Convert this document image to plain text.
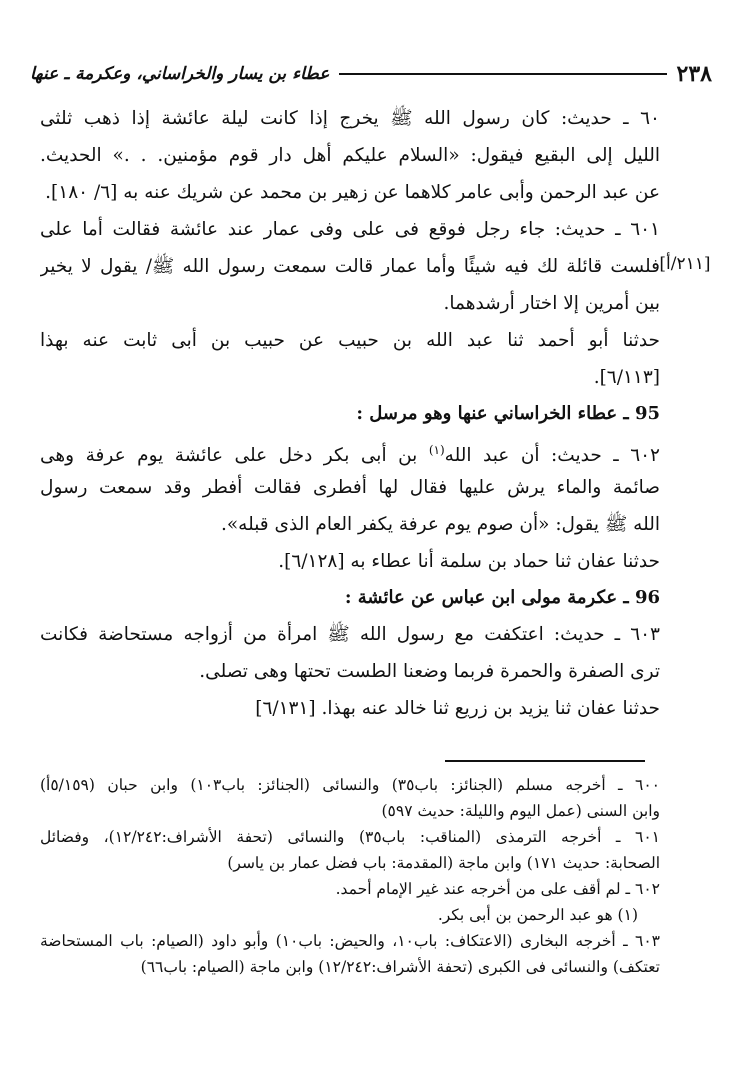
٢٣٨
عطاء بن يسار والخراساني، وعكرمة ـ عنها
[٢١١/أ]
٦٠ ـ حديث: كان رسول الله ﷺ يخرج إذا كانت ليلة عائشة إذا ذهب ثلثى
الليل إلى البقيع فيقول: «السلام عليكم أهل دار قوم مؤمنين. . .» الحديث.
عن عبد الرحمن وأبى عامر كلاهما عن زهير بن محمد عن شريك عنه به [٦/ ١٨٠].
٦٠١ ـ حديث: جاء رجل فوقع فى على وفى عمار عند عائشة فقالت أما على
فلست قائلة لك فيه شيئًا وأما عمار قالت سمعت رسول الله ﷺ/ يقول لا يخير
بين أمرين إلا اختار أرشدهما.
حدثنا أبو أحمد ثنا عبد الله بن حبيب عن حبيب بن أبى ثابت عنه بهذا
[٦/١١٣].
95 ـ عطاء الخراساني عنها وهو مرسل :
٦٠٢ ـ حديث: أن عبد الله$^{(١)}$ بن أبى بكر دخل على عائشة يوم عرفة وهى
صائمة والماء يرش عليها فقال لها أفطرى فقالت أفطر وقد سمعت رسول
الله ﷺ يقول: «أن صوم يوم عرفة يكفر العام الذى قبله».
حدثنا عفان ثنا حماد بن سلمة أنا عطاء به [٦/١٢٨].
96 ـ عكرمة مولى ابن عباس عن عائشة :
٦٠٣ ـ حديث: اعتكفت مع رسول الله ﷺ امرأة من أزواجه مستحاضة فكانت
ترى الصفرة والحمرة فربما وضعنا الطست تحتها وهى تصلى.
حدثنا عفان ثنا يزيد بن زريع ثنا خالد عنه بهذا. [٦/١٣١]
٦٠٠ ـ أخرجه مسلم (الجنائز: باب٣٥) والنسائى (الجنائز: باب١٠٣) وابن حبان (٥/١٥٩أ)
وابن السنى (عمل اليوم والليلة: حديث ٥٩٧)
٦٠١ ـ أخرجه الترمذى (المناقب: باب٣٥) والنسائى (تحفة الأشراف:١٢/٢٤٢)، وفضائل
الصحابة: حديث ١٧١) وابن ماجة (المقدمة: باب فضل عمار بن ياسر)
٦٠٢ ـ لم أقف على من أخرجه عند غير الإمام أحمد.
(١) هو عبد الرحمن بن أبى بكر.
٦٠٣ ـ أخرجه البخارى (الاعتكاف: باب١٠، والحيض: باب١٠) وأبو داود (الصيام: باب المستحاضة
تعتكف) والنسائى فى الكبرى (تحفة الأشراف:١٢/٢٤٢) وابن ماجة (الصيام: باب٦٦)
